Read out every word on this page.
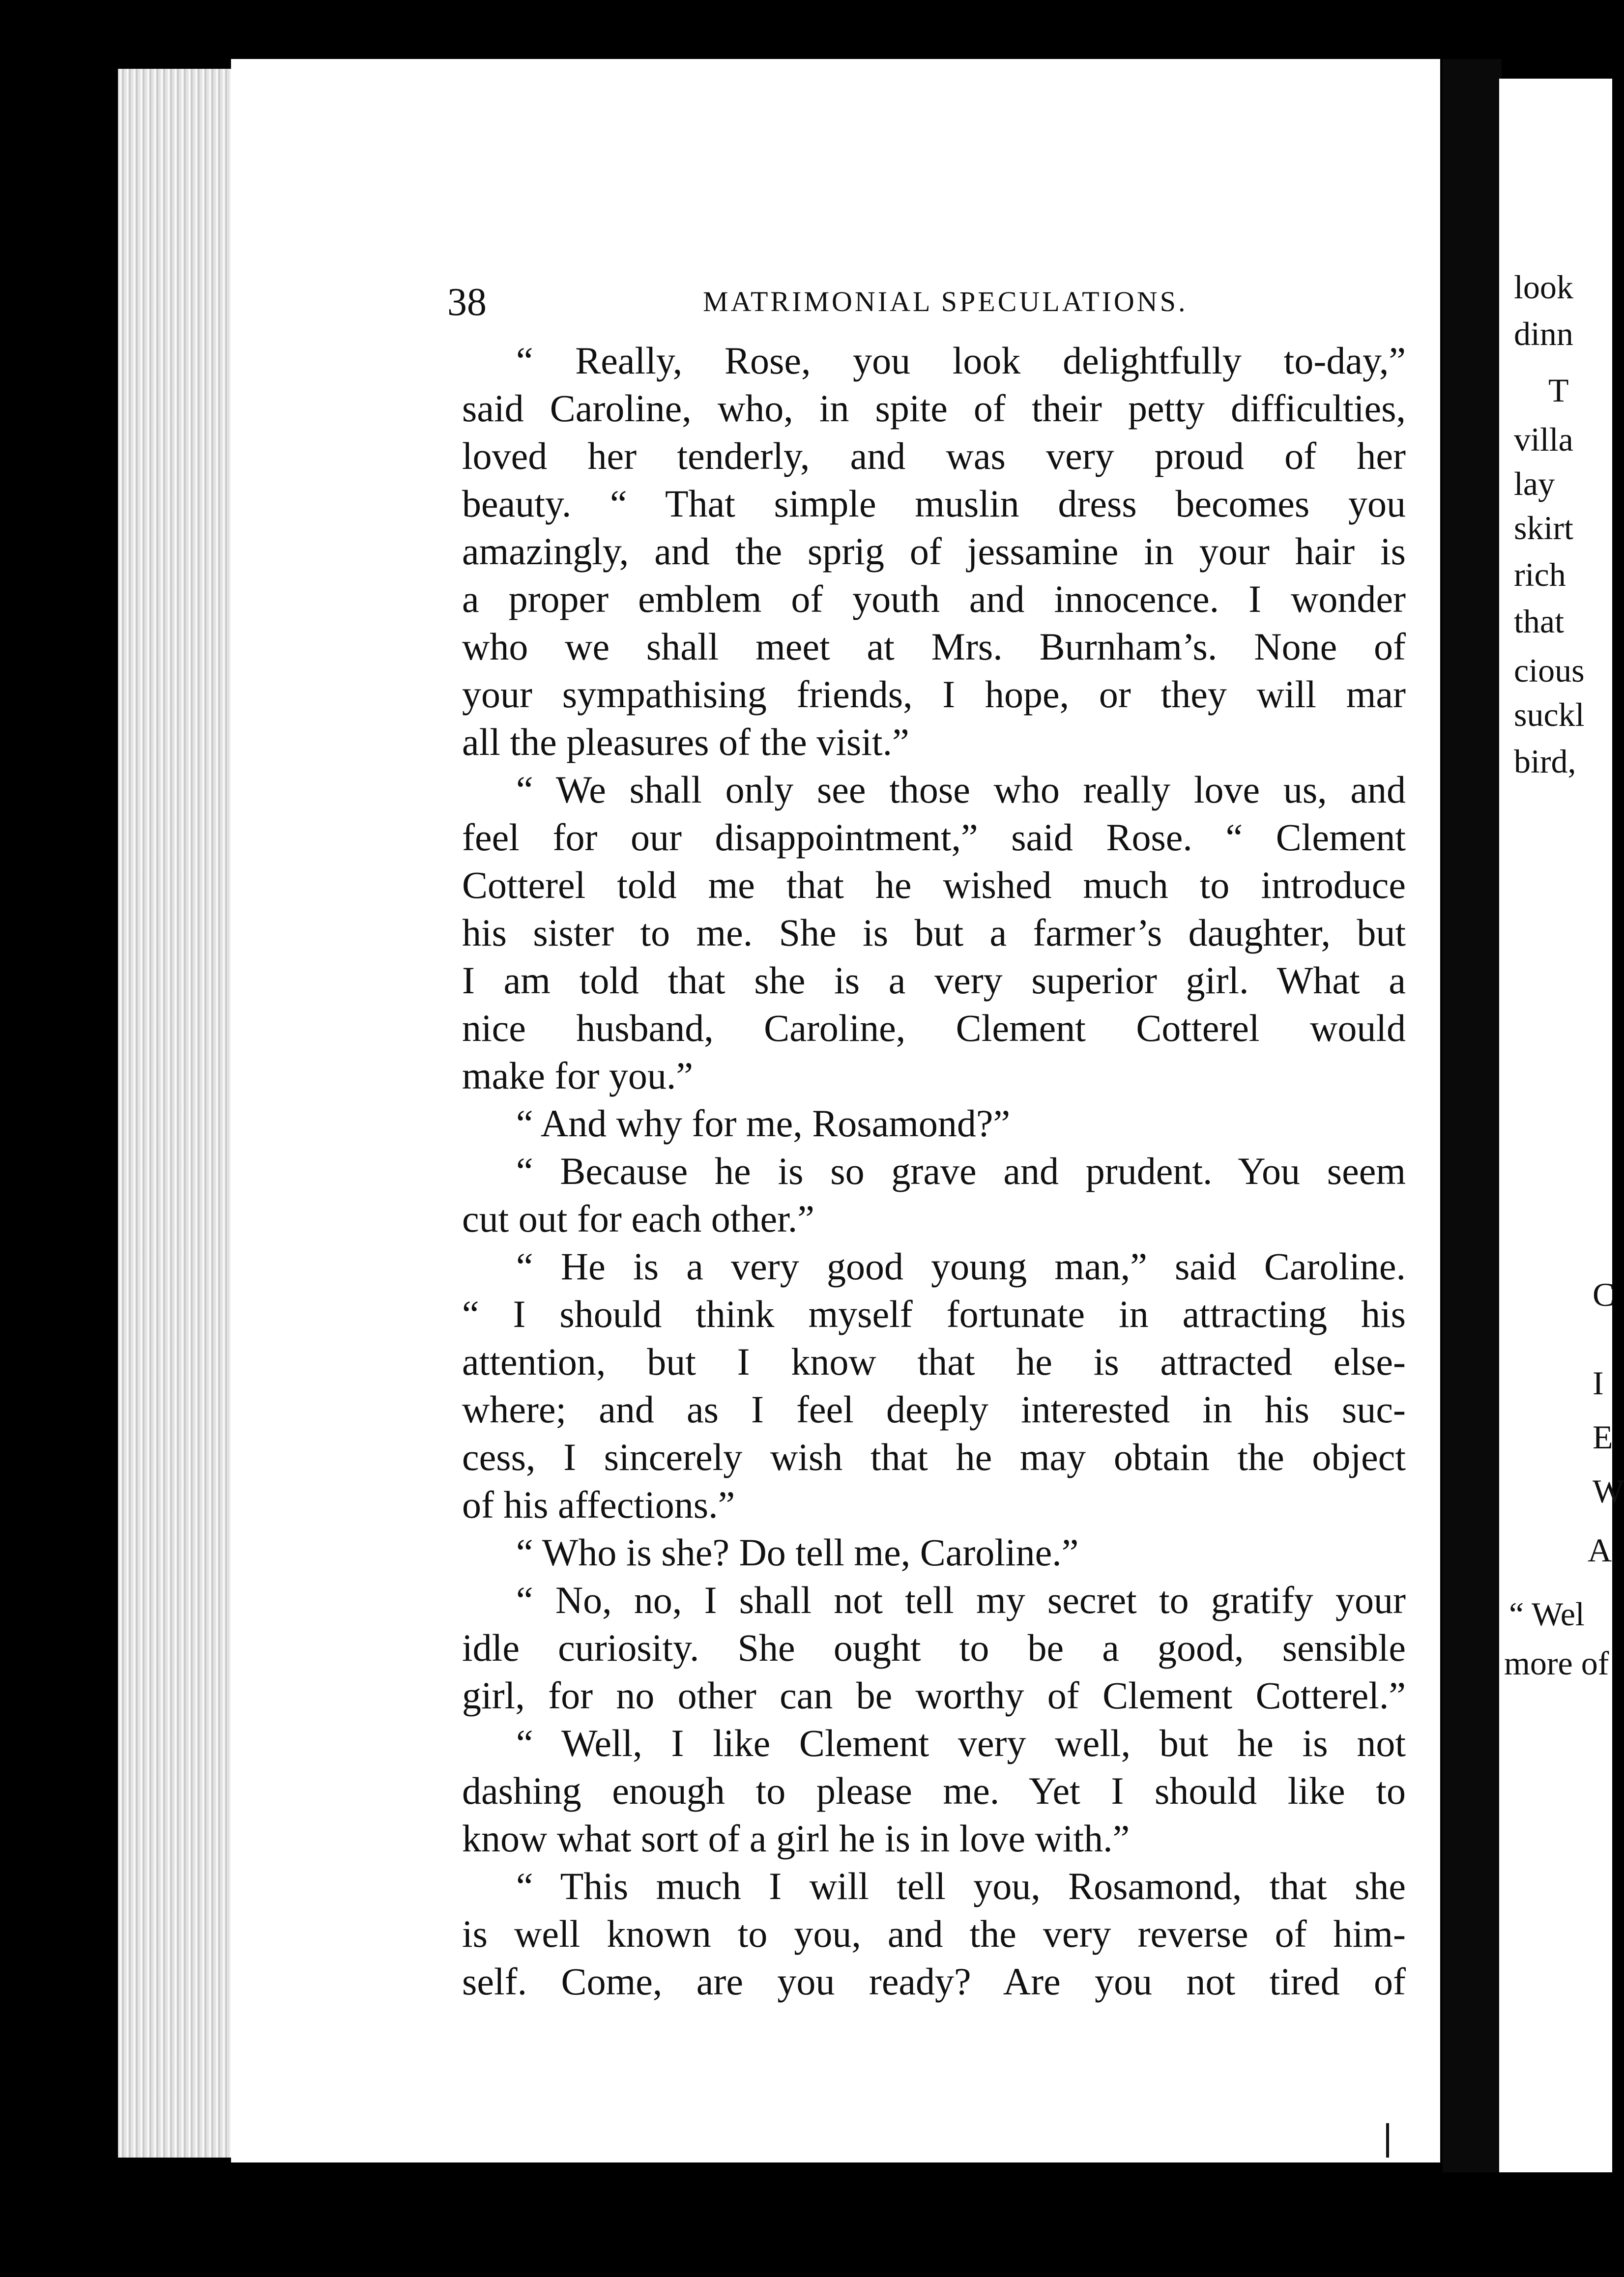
38	MATRIMONIAL SPECULATIONS.
“ Really, Rose, you look delightfully to-day,”
said Caroline, who, in spite of their petty difficulties,
loved her tenderly, and was very proud of her
beauty. “ That simple muslin dress becomes you
amazingly, and the sprig of jessamine in your hair is
a proper emblem of youth and innocence. I wonder
who we shall meet at Mrs. Burnham’s. None of
your sympathising friends, I hope, or they will mar
all the pleasures of the visit.”
“ We shall only see those who really love us, and
feel for our disappointment,” said Rose. “ Clement
Cotterel told me that he wished much to introduce
his sister to me. She is but a farmer’s daughter, but
I am told that she is a very superior girl. What a
nice husband, Caroline, Clement Cotterel would
make for you.”
“ And why for me, Rosamond?”
“ Because he is so grave and prudent. You seem
cut out for each other.”
“ He is a very good young man,” said Caroline.
“ I should think myself fortunate in attracting his
attention, but I know that he is attracted else-
where; and as I feel deeply interested in his suc-
cess, I sincerely wish that he may obtain the object
of his affections.”
“ Who is she? Do tell me, Caroline.”
“ No, no, I shall not tell my secret to gratify your
idle curiosity. She ought to be a good, sensible
girl, for no other can be worthy of Clement Cotterel.”
“ Well, I like Clement very well, but he is not
dashing enough to please me. Yet I should like to
know what sort of a girl he is in love with.”
“ This much I will tell you, Rosamond, that she
is well known to you, and the very reverse of him-
self. Come, are you ready? Are you not tired of
look
dinn
T
villa
lay
skirt
rich
that
cious
suckl
bird,
C
I
E
W
A
“ Wel
more of
